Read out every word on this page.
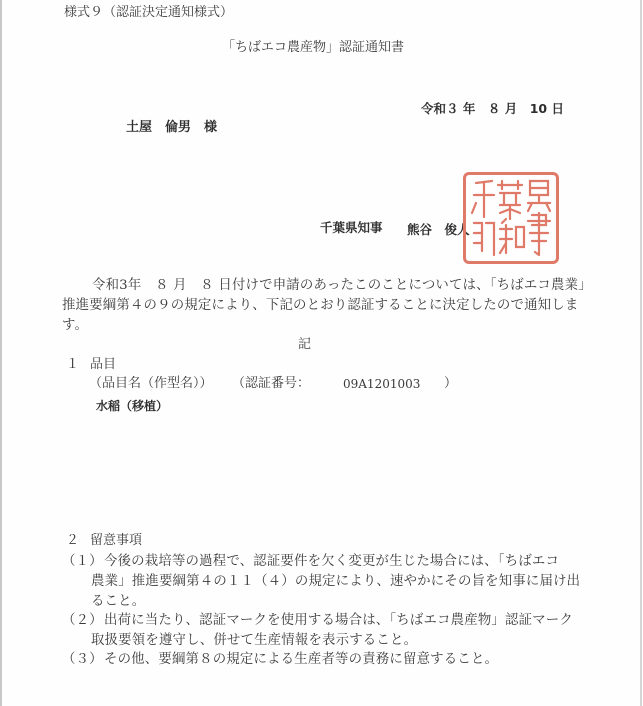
様式９（認証決定通知様式）
「ちばエコ農産物」認証通知書
令和３ 年　８ 月　10 日
土屋　倫男　様
千葉県知事 熊谷　俊人
令和3年　８ 月　８ 日付けで申請のあったこのことについては、「ちばエコ農業」
推進要綱第４の９の規定により、下記のとおり認証することに決定したので通知しま
す。
記
１ 品目
（品目名（作型名）） （認証番号：	09A1201003 ）
水稲（移植）
２ 留意事項
（１） 今後の栽培等の過程で、認証要件を欠く変更が生じた場合には、「ちばエコ
農業」推進要綱第４の１１（４）の規定により、速やかにその旨を知事に届け出
ること。
（２） 出荷に当たり、認証マークを使用する場合は、「ちばエコ農産物」認証マーク
取扱要領を遵守し、併せて生産情報を表示すること。
（３） その他、要綱第８の規定による生産者等の責務に留意すること。
